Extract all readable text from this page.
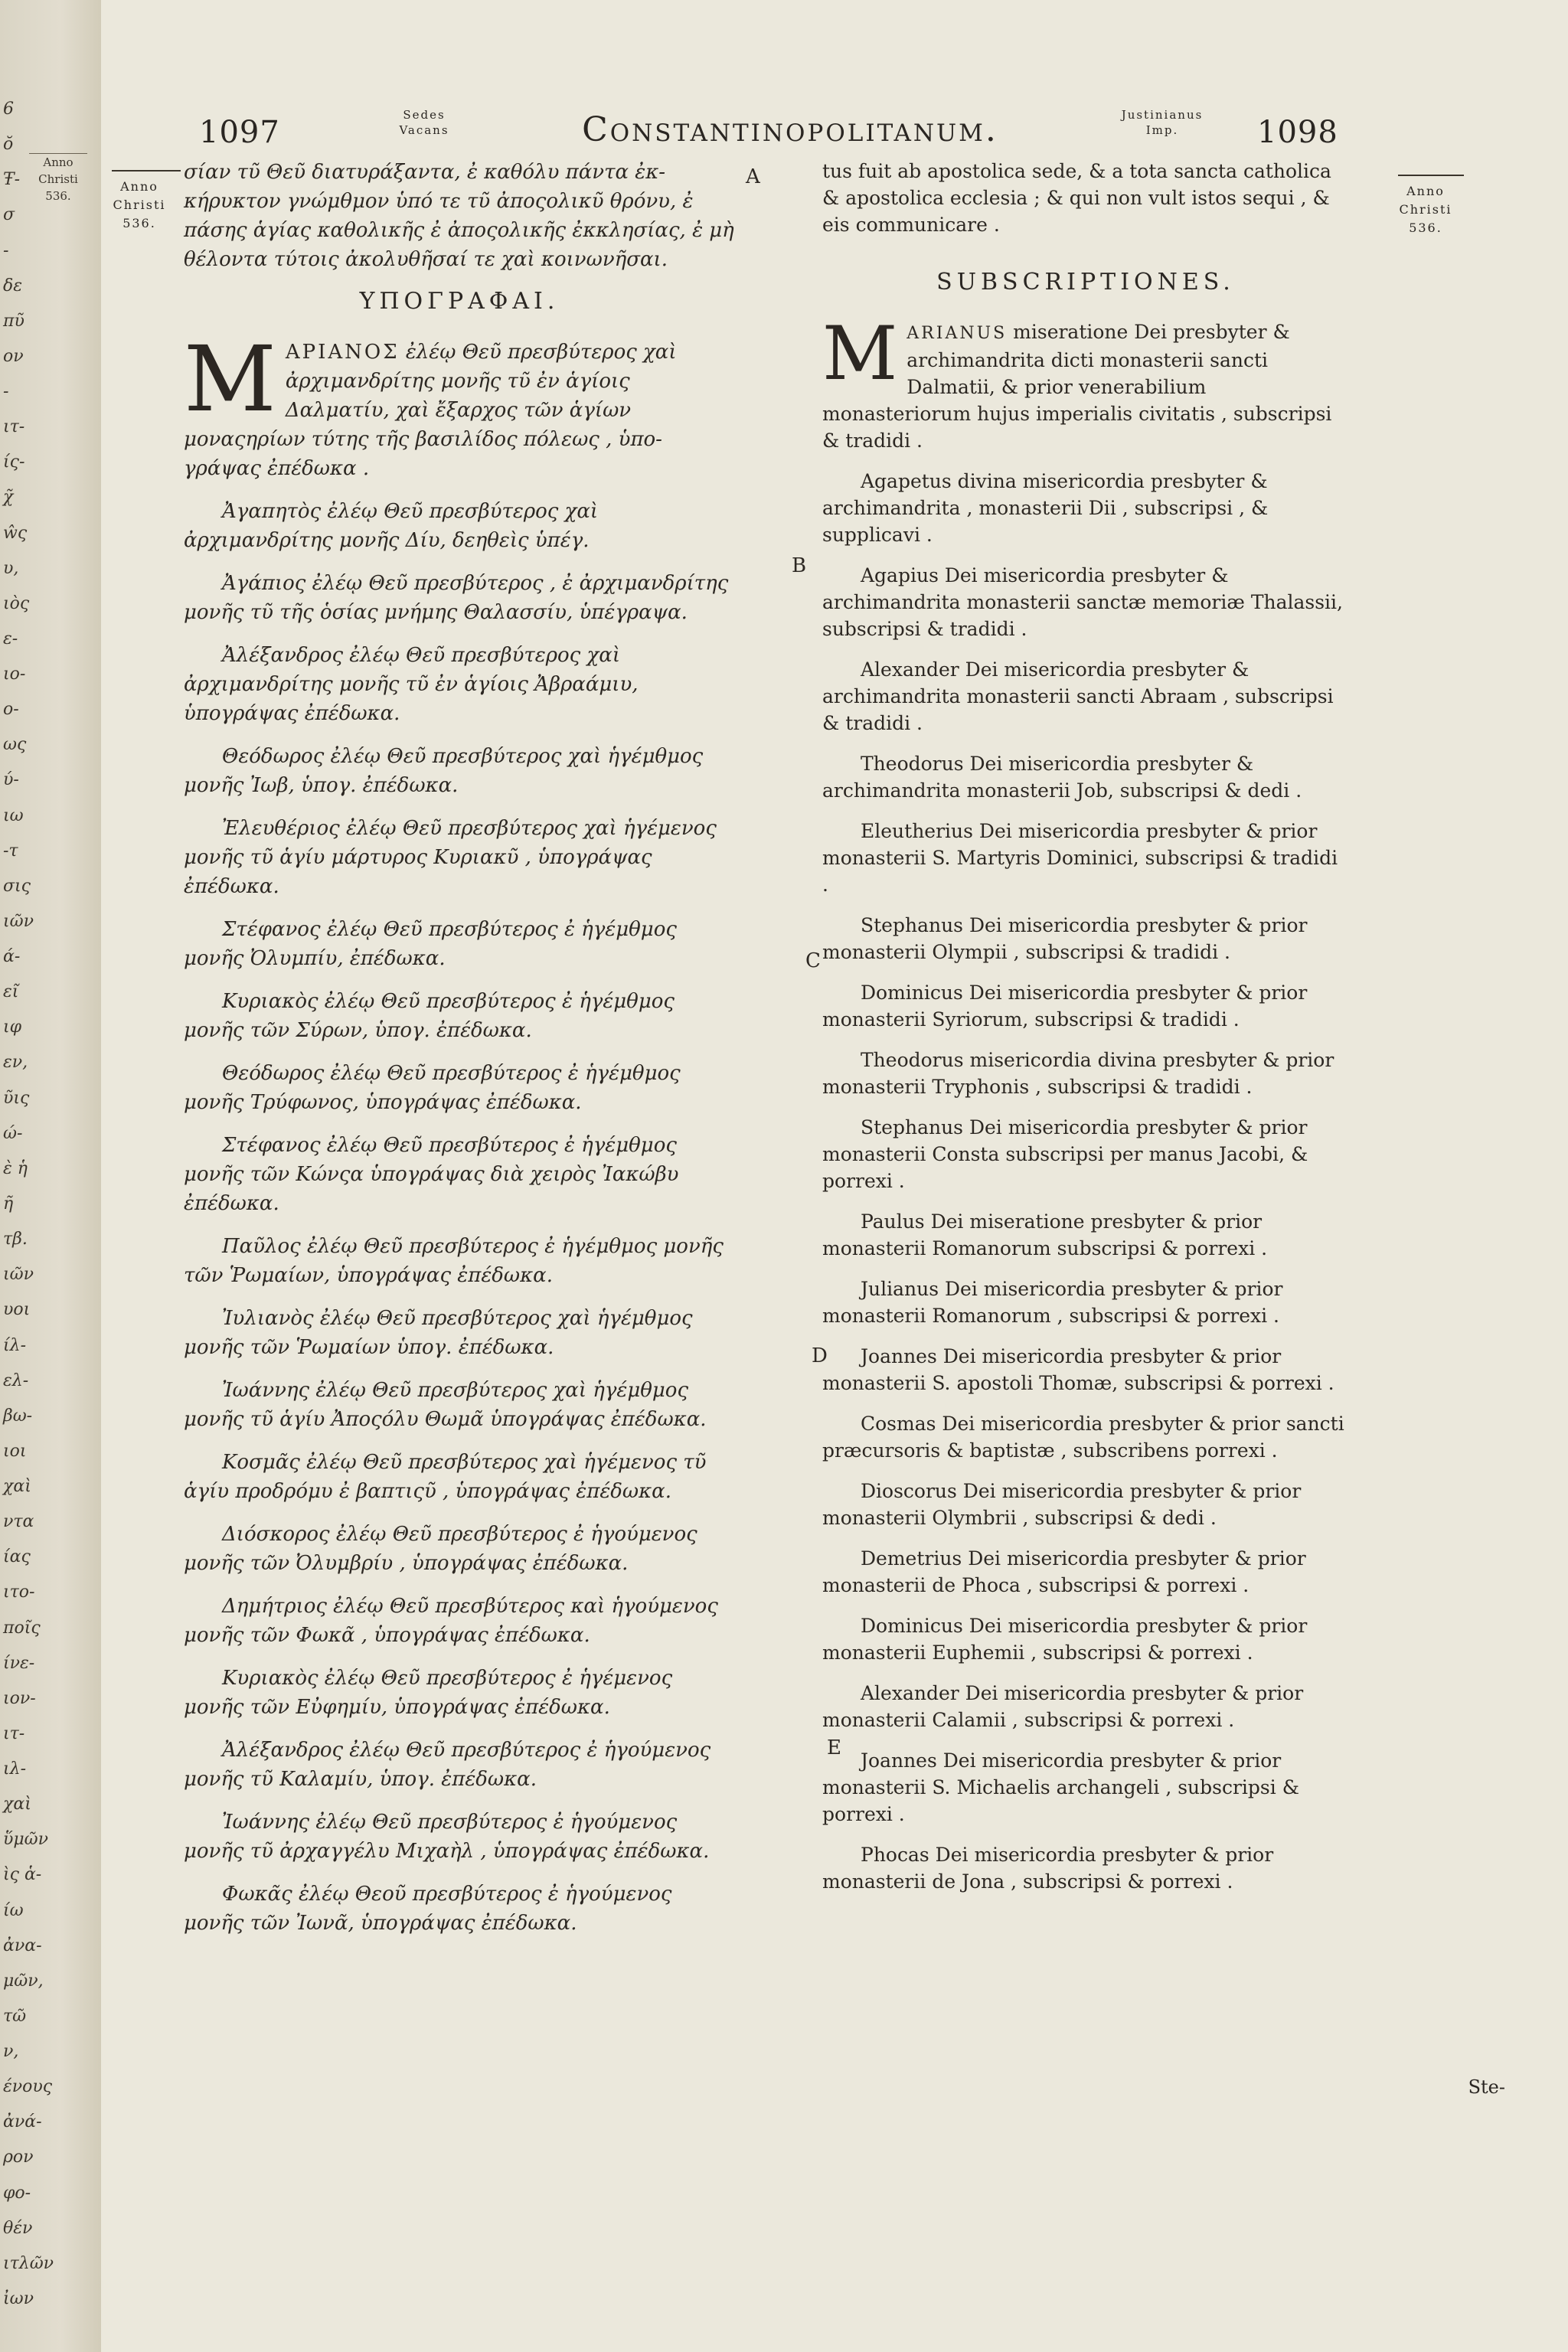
6
ŏ
Ŧ-
σ
-
δε
πῦ
ον
-
ιτ-
ίς-
χ̃
ŵς
υ,
ιὸς
ε-
ιο-
ο-
ως
ύ-
ιω
-τ
σις
ιῶν
ά-
εῖ
ιφ
εν,
ῦις
ώ-
ὲ ἡ
ῆ
τβ.
ιῶν
υοι
ίλ-
ελ-
βω-
ιοι
χαὶ
ντα
ίας
ιτο-
ποῖς
ίνε-
ιον-
ιτ-
ιλ-
χαὶ
ὕμῶν
ὶς ἁ-
ίω
ἀνα-
μῶν,
τῶ
ν,
ένους
ἀνά-
ρον
φο-
θέν
ιτλῶν
ἰων
Anno
Christi
536.
1097	Sedes
Vacans	Constantinopolitanum.	Justinianus
Imp.	1098
Anno
Christi
536.
Anno
Christi
536.
A
B
C
D
E
σίαν τῦ Θεῦ διατυράξαντα, ἐ καθόλυ πάντα ἐκ-κήρυκτον γνώμθμον ὑπό τε τῦ ἀποςολικῦ θρόνυ, ἐ πάσης ἁγίας καθολικῆς ἐ ἀποςολικῆς ἐκκλησίας, ἐ μὴ θέλοντα τύτοις ἀκολυθῆσαί τε χαὶ κοινωνῆσαι.
ΥΠΟΓΡΑΦΑΙ.
ΜΑΡΙΑΝΟΣ ἐλέῳ Θεῦ πρεσβύτερος χαὶ ἀρχιμανδρίτης μονῆς τῦ ἐν ἁγίοις Δαλματίυ, χαὶ ἔξαρχος τῶν ἁγίων μοναςηρίων τύτης τῆς βασιλίδος πόλεως , ὑπο-γράψας ἐπέδωκα .
Ἀγαπητὸς ἐλέῳ Θεῦ πρεσβύτερος χαὶ ἀρχιμανδρίτης μονῆς Δίυ, δεηθεὶς ὑπέγ.
Ἀγάπιος ἐλέῳ Θεῦ πρεσβύτερος , ἐ ἀρχιμανδρίτης μονῆς τῦ τῆς ὁσίας μνήμης Θαλασσίυ, ὑπέγραψα.
Ἀλέξανδρος ἐλέῳ Θεῦ πρεσβύτερος χαὶ ἀρχιμανδρίτης μονῆς τῦ ἐν ἁγίοις Ἀβραάμιυ, ὑπογράψας ἐπέδωκα.
Θεόδωρος ἐλέῳ Θεῦ πρεσβύτερος χαὶ ἡγέμθμος μονῆς Ἰωβ, ὑπογ. ἐπέδωκα.
Ἐλευθέριος ἐλέῳ Θεῦ πρεσβύτερος χαὶ ἡγέμενος μονῆς τῦ ἁγίυ μάρτυρος Κυριακῦ , ὑπογράψας ἐπέδωκα.
Στέφανος ἐλέῳ Θεῦ πρεσβύτερος ἐ ἡγέμθμος μονῆς Ὀλυμπίυ, ἐπέδωκα.
Κυριακὸς ἐλέῳ Θεῦ πρεσβύτερος ἐ ἡγέμθμος μονῆς τῶν Σύρων, ὑπογ. ἐπέδωκα.
Θεόδωρος ἐλέῳ Θεῦ πρεσβύτερος ἐ ἡγέμθμος μονῆς Τρύφωνος, ὑπογράψας ἐπέδωκα.
Στέφανος ἐλέῳ Θεῦ πρεσβύτερος ἐ ἡγέμθμος μονῆς τῶν Κώνςα ὑπογράψας διὰ χειρὸς Ἰακώβυ ἐπέδωκα.
Παῦλος ἐλέῳ Θεῦ πρεσβύτερος ἐ ἡγέμθμος μονῆς τῶν Ῥωμαίων, ὑπογράψας ἐπέδωκα.
Ἰυλιανὸς ἐλέῳ Θεῦ πρεσβύτερος χαὶ ἡγέμθμος μονῆς τῶν Ῥωμαίων ὑπογ. ἐπέδωκα.
Ἰωάννης ἐλέῳ Θεῦ πρεσβύτερος χαὶ ἡγέμθμος μονῆς τῦ ἁγίυ Ἀποςόλυ Θωμᾶ ὑπογράψας ἐπέδωκα.
Κοσμᾶς ἐλέῳ Θεῦ πρεσβύτερος χαὶ ἡγέμενος τῦ ἁγίυ προδρόμυ ἐ βαπτιςῦ , ὑπογράψας ἐπέδωκα.
Διόσκορος ἐλέῳ Θεῦ πρεσβύτερος ἐ ἡγούμενος μονῆς τῶν Ὀλυμβρίυ , ὑπογράψας ἐπέδωκα.
Δημήτριος ἐλέῳ Θεῦ πρεσβύτερος καὶ ἡγούμενος μονῆς τῶν Φωκᾶ , ὑπογράψας ἐπέδωκα.
Κυριακὸς ἐλέῳ Θεῦ πρεσβύτερος ἐ ἡγέμενος μονῆς τῶν Εὐφημίυ, ὑπογράψας ἐπέδωκα.
Ἀλέξανδρος ἐλέῳ Θεῦ πρεσβύτερος ἐ ἡγούμενος μονῆς τῦ Καλαμίυ, ὑπογ. ἐπέδωκα.
Ἰωάννης ἐλέῳ Θεῦ πρεσβύτερος ἐ ἡγούμενος μονῆς τῦ ἀρχαγγέλυ Μιχαὴλ , ὑπογράψας ἐπέδωκα.
Φωκᾶς ἐλέῳ Θεοῦ πρεσβύτερος ἐ ἡγούμενος μονῆς τῶν Ἰωνᾶ, ὑπογράψας ἐπέδωκα.
tus fuit ab apostolica sede, & a tota sancta catholica & apostolica ecclesia ; & qui non vult istos sequi , & eis communicare .
SUBSCRIPTIONES.
MARIANUS miseratione Dei presbyter & archimandrita dicti monasterii sancti Dalmatii, & prior venerabilium monasteriorum hujus imperialis civitatis , subscripsi & tradidi .
Agapetus divina misericordia presbyter & archimandrita , monasterii Dii , subscripsi , & supplicavi .
Agapius Dei misericordia presbyter & archimandrita monasterii sanctæ memoriæ Thalassii, subscripsi & tradidi .
Alexander Dei misericordia presbyter & archimandrita monasterii sancti Abraam , subscripsi & tradidi .
Theodorus Dei misericordia presbyter & archimandrita monasterii Job, subscripsi & dedi .
Eleutherius Dei misericordia presbyter & prior monasterii S. Martyris Dominici, subscripsi & tradidi .
Stephanus Dei misericordia presbyter & prior monasterii Olympii , subscripsi & tradidi .
Dominicus Dei misericordia presbyter & prior monasterii Syriorum, subscripsi & tradidi .
Theodorus misericordia divina presbyter & prior monasterii Tryphonis , subscripsi & tradidi .
Stephanus Dei misericordia presbyter & prior monasterii Consta subscripsi per manus Jacobi, & porrexi .
Paulus Dei miseratione presbyter & prior monasterii Romanorum subscripsi & porrexi .
Julianus Dei misericordia presbyter & prior monasterii Romanorum , subscripsi & porrexi .
Joannes Dei misericordia presbyter & prior monasterii S. apostoli Thomæ, subscripsi & porrexi .
Cosmas Dei misericordia presbyter & prior sancti præcursoris & baptistæ , subscribens porrexi .
Dioscorus Dei misericordia presbyter & prior monasterii Olymbrii , subscripsi & dedi .
Demetrius Dei misericordia presbyter & prior monasterii de Phoca , subscripsi & porrexi .
Dominicus Dei misericordia presbyter & prior monasterii Euphemii , subscripsi & porrexi .
Alexander Dei misericordia presbyter & prior monasterii Calamii , subscripsi & porrexi .
Joannes Dei misericordia presbyter & prior monasterii S. Michaelis archangeli , subscripsi & porrexi .
Phocas Dei misericordia presbyter & prior monasterii de Jona , subscripsi & porrexi .
Ste-
